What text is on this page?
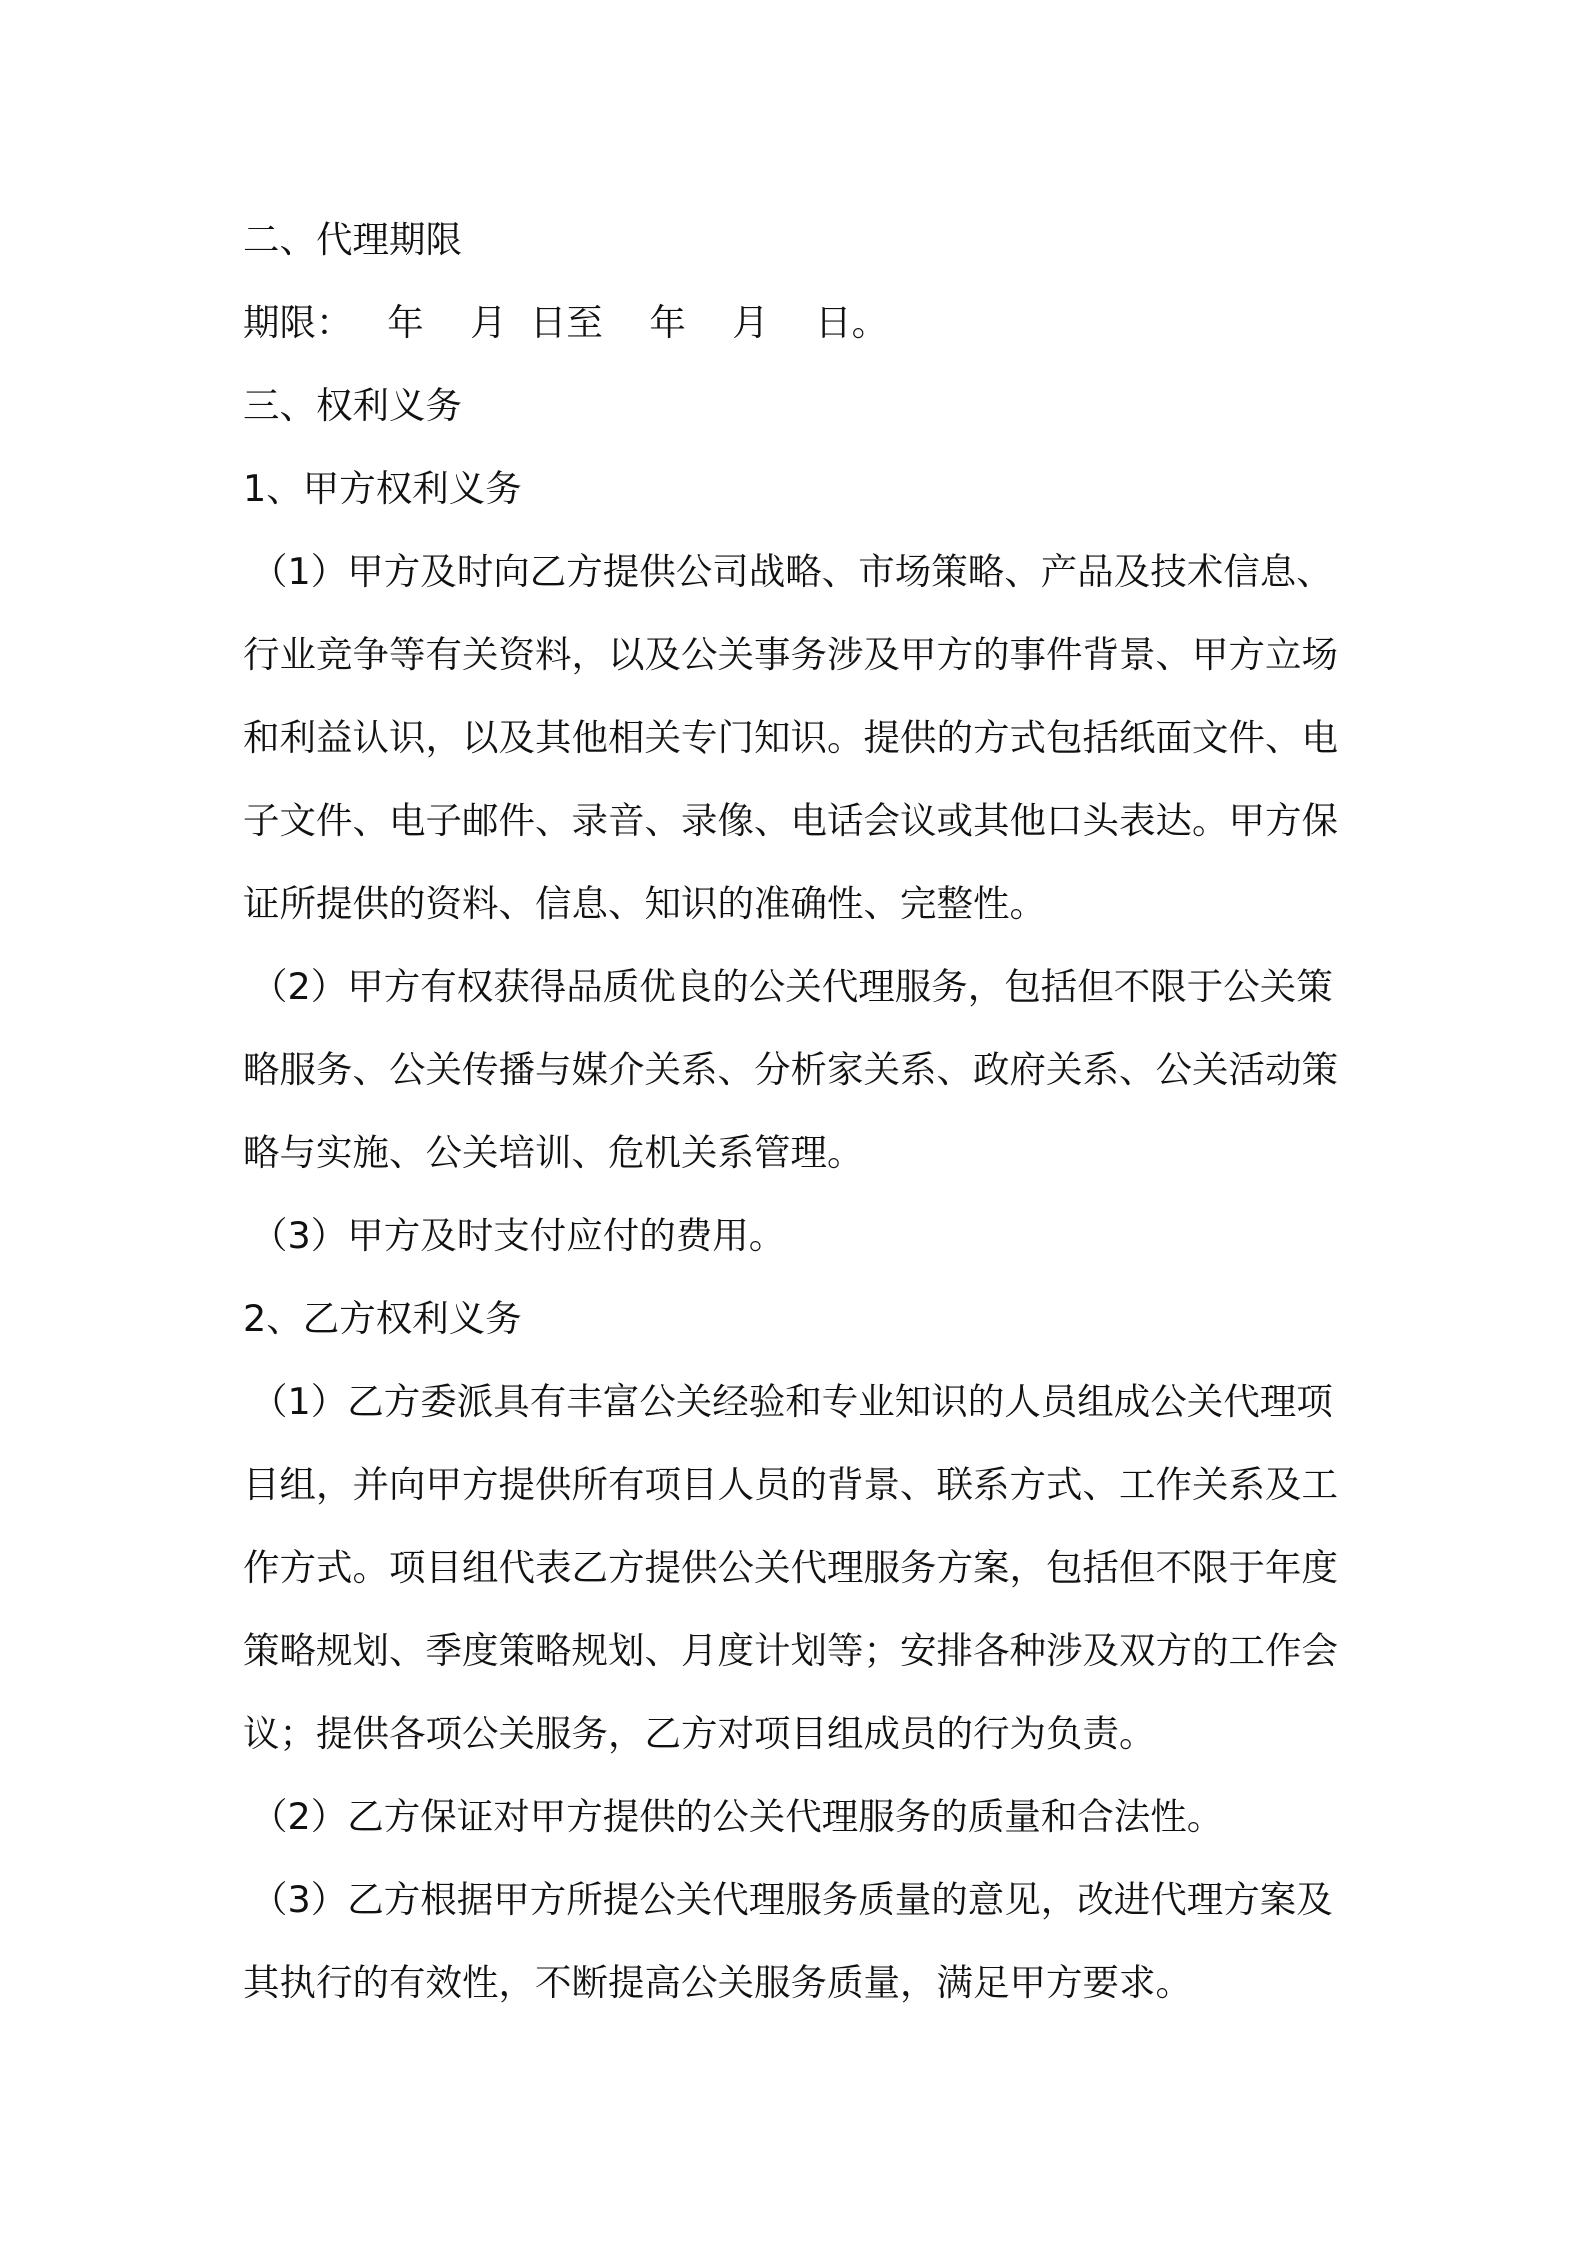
二、代理期限
期限：   年    月  日至    年    月    日。
三、权利义务
1、甲方权利义务
（1）甲方及时向乙方提供公司战略、市场策略、产品及技术信息、
行业竞争等有关资料，以及公关事务涉及甲方的事件背景、甲方立场
和利益认识，以及其他相关专门知识。提供的方式包括纸面文件、电
子文件、电子邮件、录音、录像、电话会议或其他口头表达。甲方保
证所提供的资料、信息、知识的准确性、完整性。
（2）甲方有权获得品质优良的公关代理服务，包括但不限于公关策
略服务、公关传播与媒介关系、分析家关系、政府关系、公关活动策
略与实施、公关培训、危机关系管理。
（3）甲方及时支付应付的费用。
2、乙方权利义务
（1）乙方委派具有丰富公关经验和专业知识的人员组成公关代理项
目组，并向甲方提供所有项目人员的背景、联系方式、工作关系及工
作方式。项目组代表乙方提供公关代理服务方案，包括但不限于年度
策略规划、季度策略规划、月度计划等；安排各种涉及双方的工作会
议；提供各项公关服务，乙方对项目组成员的行为负责。
（2）乙方保证对甲方提供的公关代理服务的质量和合法性。
（3）乙方根据甲方所提公关代理服务质量的意见，改进代理方案及
其执行的有效性，不断提高公关服务质量，满足甲方要求。
